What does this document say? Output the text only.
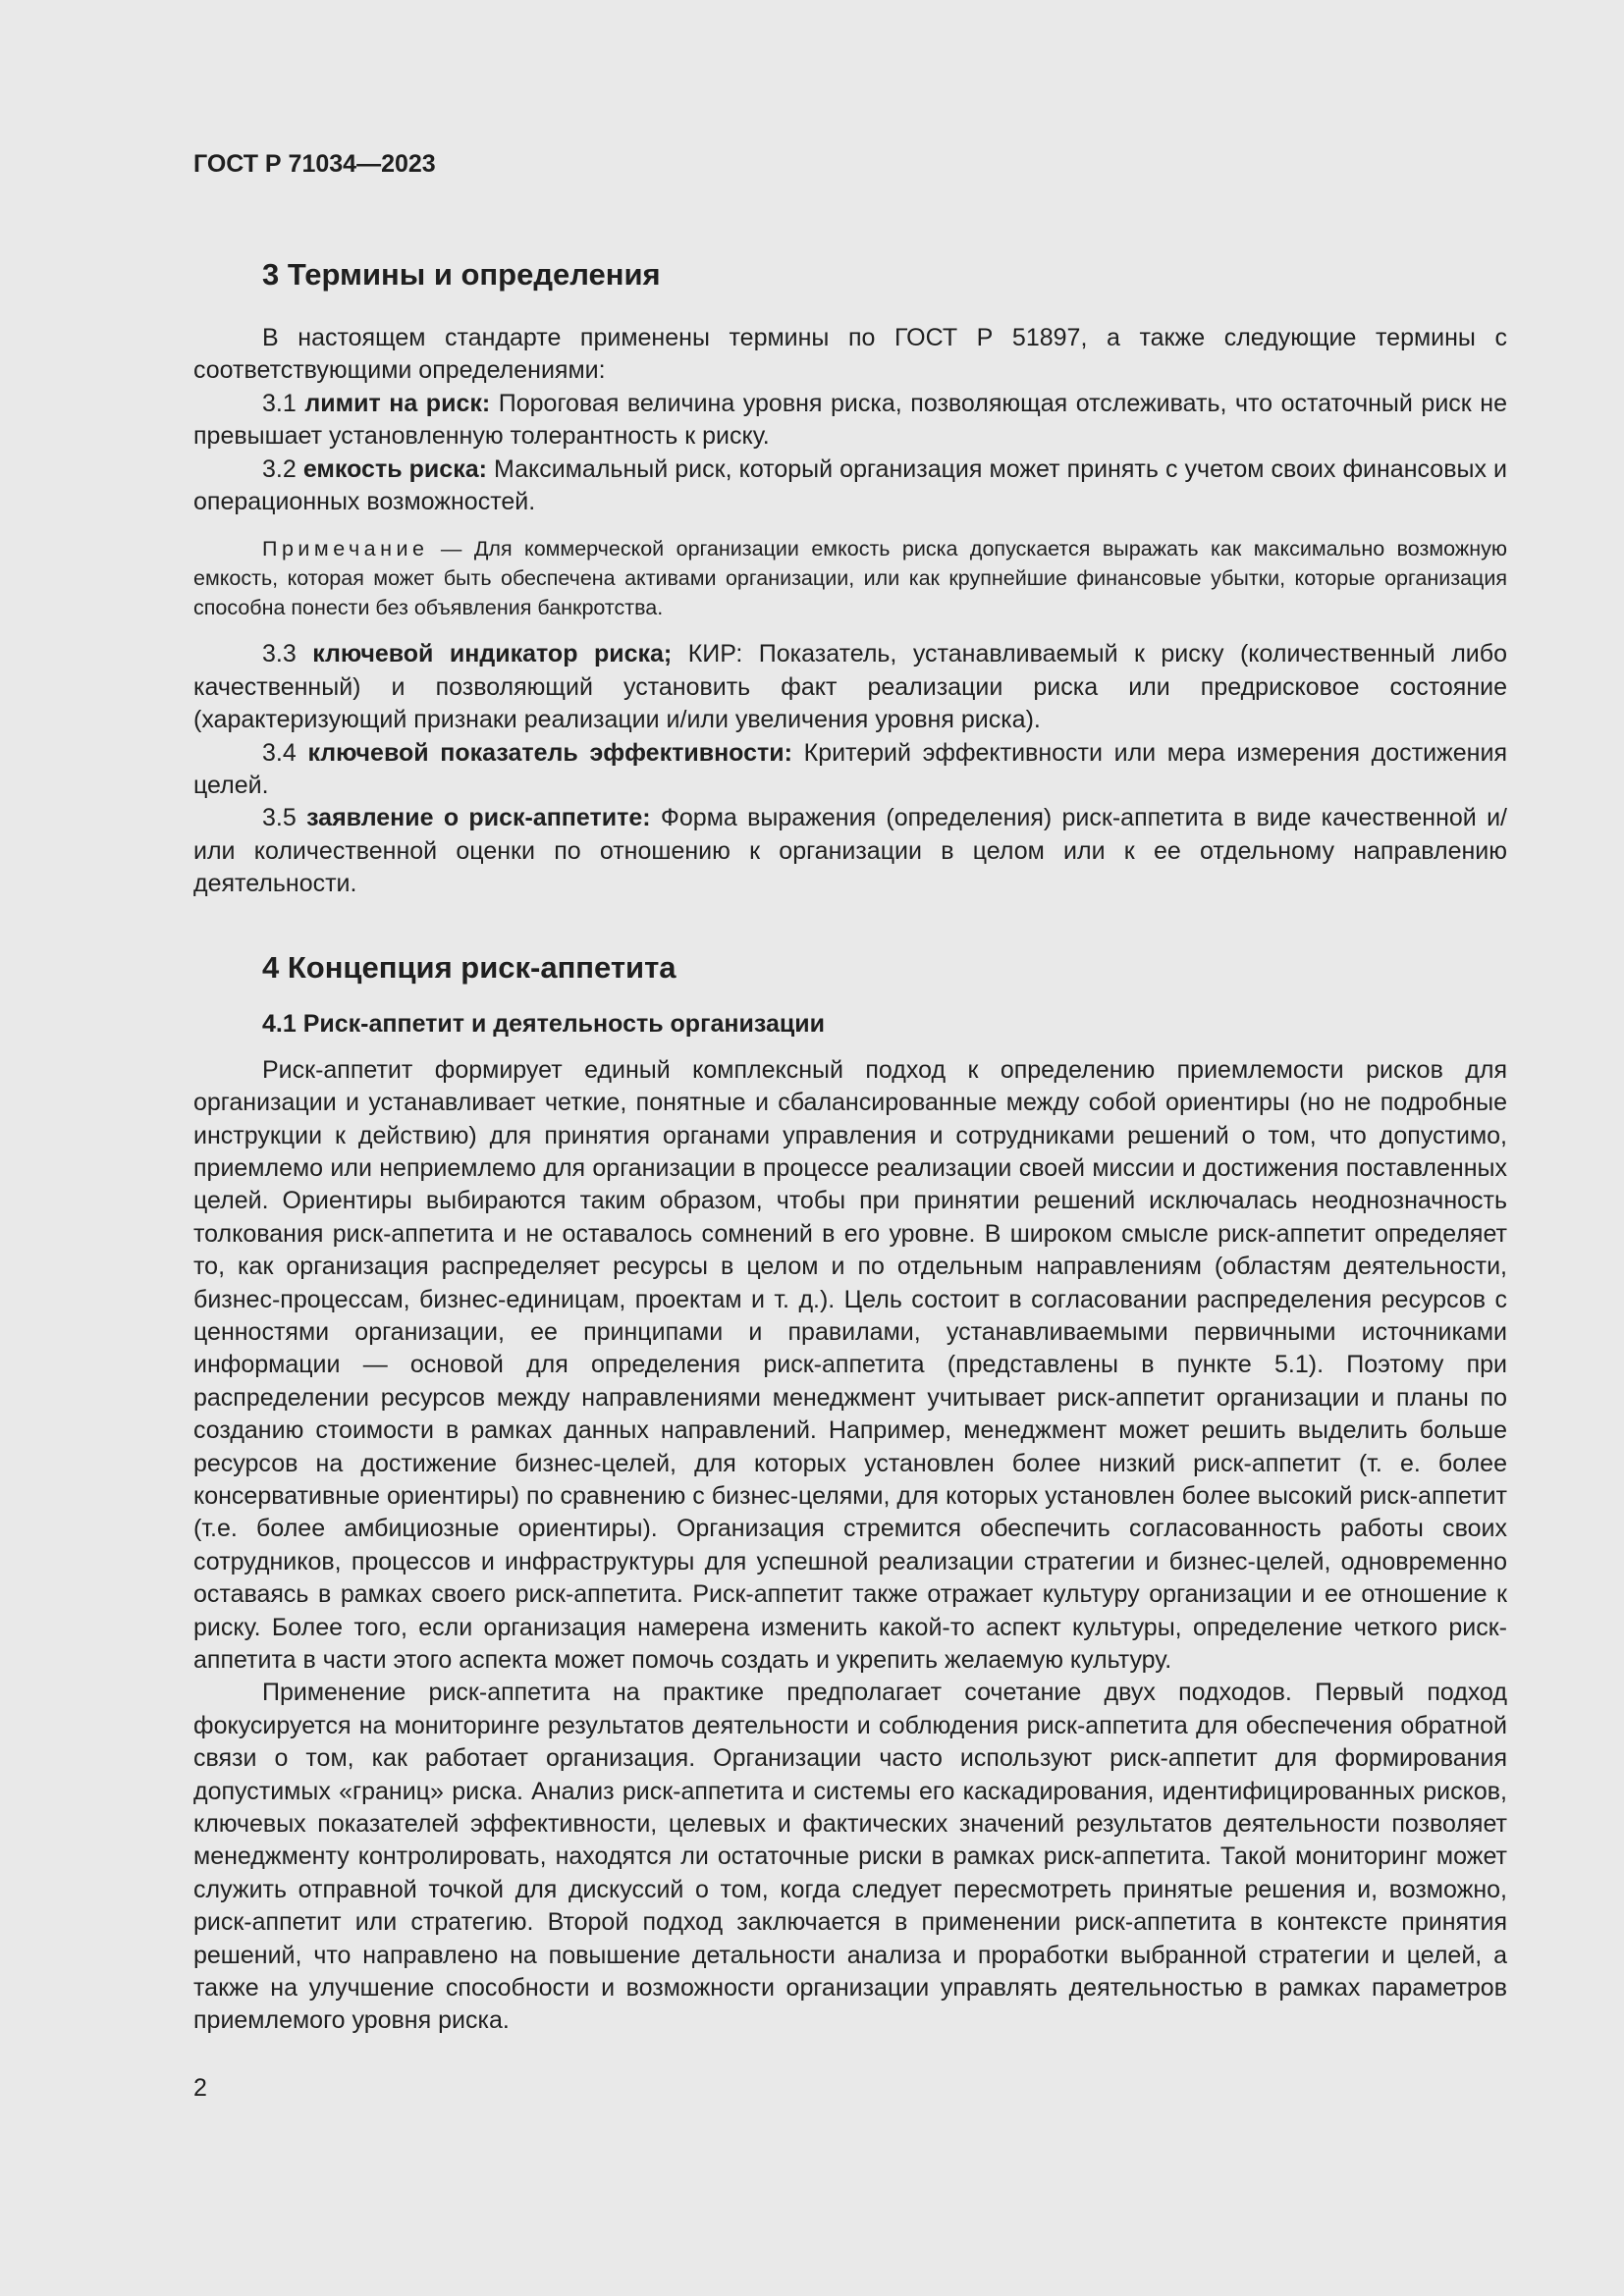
ГОСТ Р 71034—2023
3 Термины и определения

В настоящем стандарте применены термины по ГОСТ Р 51897, а также следующие термины с соответствующими определениями:

3.1 лимит на риск: Пороговая величина уровня риска, позволяющая отслеживать, что остаточный риск не превышает установленную толерантность к риску.

3.2 емкость риска: Максимальный риск, который организация может принять с учетом своих финансовых и операционных возможностей.

Примечание — Для коммерческой организации емкость риска допускается выражать как максимально возможную емкость, которая может быть обеспечена активами организации, или как крупнейшие финансовые убытки, которые организация способна понести без объявления банкротства.

3.3 ключевой индикатор риска; КИР: Показатель, устанавливаемый к риску (количественный либо качественный) и позволяющий установить факт реализации риска или предрисковое состояние (характеризующий признаки реализации и/или увеличения уровня риска).

3.4 ключевой показатель эффективности: Критерий эффективности или мера измерения достижения целей.

3.5 заявление о риск-аппетите: Форма выражения (определения) риск-аппетита в виде качественной и/или количественной оценки по отношению к организации в целом или к ее отдельному направлению деятельности.

4 Концепция риск-аппетита
4.1 Риск-аппетит и деятельность организации

Риск-аппетит формирует единый комплексный подход к определению приемлемости рисков для организации и устанавливает четкие, понятные и сбалансированные между собой ориентиры (но не подробные инструкции к действию) для принятия органами управления и сотрудниками решений о том, что допустимо, приемлемо или неприемлемо для организации в процессе реализации своей миссии и достижения поставленных целей. Ориентиры выбираются таким образом, чтобы при принятии решений исключалась неоднозначность толкования риск-аппетита и не оставалось сомнений в его уровне. В широком смысле риск-аппетит определяет то, как организация распределяет ресурсы в целом и по отдельным направлениям (областям деятельности, бизнес-процессам, бизнес-единицам, проектам и т. д.). Цель состоит в согласовании распределения ресурсов с ценностями организации, ее принципами и правилами, устанавливаемыми первичными источниками информации — основой для определения риск-аппетита (представлены в пункте 5.1). Поэтому при распределении ресурсов между направлениями менеджмент учитывает риск-аппетит организации и планы по созданию стоимости в рамках данных направлений. Например, менеджмент может решить выделить больше ресурсов на достижение бизнес-целей, для которых установлен более низкий риск-аппетит (т. е. более консервативные ориентиры) по сравнению с бизнес-целями, для которых установлен более высокий риск-аппетит (т.е. более амбициозные ориентиры). Организация стремится обеспечить согласованность работы своих сотрудников, процессов и инфраструктуры для успешной реализации стратегии и бизнес-целей, одновременно оставаясь в рамках своего риск-аппетита. Риск-аппетит также отражает культуру организации и ее отношение к риску. Более того, если организация намерена изменить какой-то аспект культуры, определение четкого риск-аппетита в части этого аспекта может помочь создать и укрепить желаемую культуру.

Применение риск-аппетита на практике предполагает сочетание двух подходов. Первый подход фокусируется на мониторинге результатов деятельности и соблюдения риск-аппетита для обеспечения обратной связи о том, как работает организация. Организации часто используют риск-аппетит для формирования допустимых «границ» риска. Анализ риск-аппетита и системы его каскадирования, идентифицированных рисков, ключевых показателей эффективности, целевых и фактических значений результатов деятельности позволяет менеджменту контролировать, находятся ли остаточные риски в рамках риск-аппетита. Такой мониторинг может служить отправной точкой для дискуссий о том, когда следует пересмотреть принятые решения и, возможно, риск-аппетит или стратегию. Второй подход заключается в применении риск-аппетита в контексте принятия решений, что направлено на повышение детальности анализа и проработки выбранной стратегии и целей, а также на улучшение способности и возможности организации управлять деятельностью в рамках параметров приемлемого уровня риска.

2
